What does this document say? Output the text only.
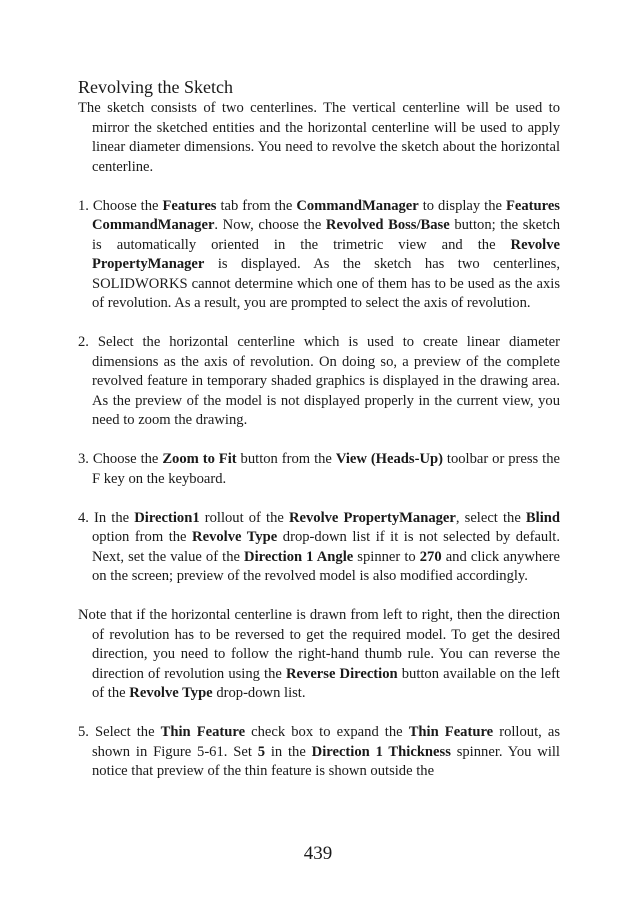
Revolving the Sketch

The sketch consists of two centerlines. The vertical centerline will be used to mirror the sketched entities and the horizontal centerline will be used to apply linear diameter dimensions. You need to revolve the sketch about the horizontal centerline.

1. Choose the Features tab from the CommandManager to display the Features CommandManager. Now, choose the Revolved Boss/Base button; the sketch is automatically oriented in the trimetric view and the Revolve PropertyManager is displayed. As the sketch has two centerlines, SOLIDWORKS cannot determine which one of them has to be used as the axis of revolution. As a result, you are prompted to select the axis of revolution.

2. Select the horizontal centerline which is used to create linear diameter dimensions as the axis of revolution. On doing so, a preview of the complete revolved feature in temporary shaded graphics is displayed in the drawing area. As the preview of the model is not displayed properly in the current view, you need to zoom the drawing.

3. Choose the Zoom to Fit button from the View (Heads-Up) toolbar or press the F key on the keyboard.

4. In the Direction1 rollout of the Revolve PropertyManager, select the Blind option from the Revolve Type drop-down list if it is not selected by default. Next, set the value of the Direction 1 Angle spinner to 270 and click anywhere on the screen; preview of the revolved model is also modified accordingly.

Note that if the horizontal centerline is drawn from left to right, then the direction of revolution has to be reversed to get the required model. To get the desired direction, you need to follow the right-hand thumb rule. You can reverse the direction of revolution using the Reverse Direction button available on the left of the Revolve Type drop-down list.

5. Select the Thin Feature check box to expand the Thin Feature rollout, as shown in Figure 5-61. Set 5 in the Direction 1 Thickness spinner. You will notice that preview of the thin feature is shown outside the

439
